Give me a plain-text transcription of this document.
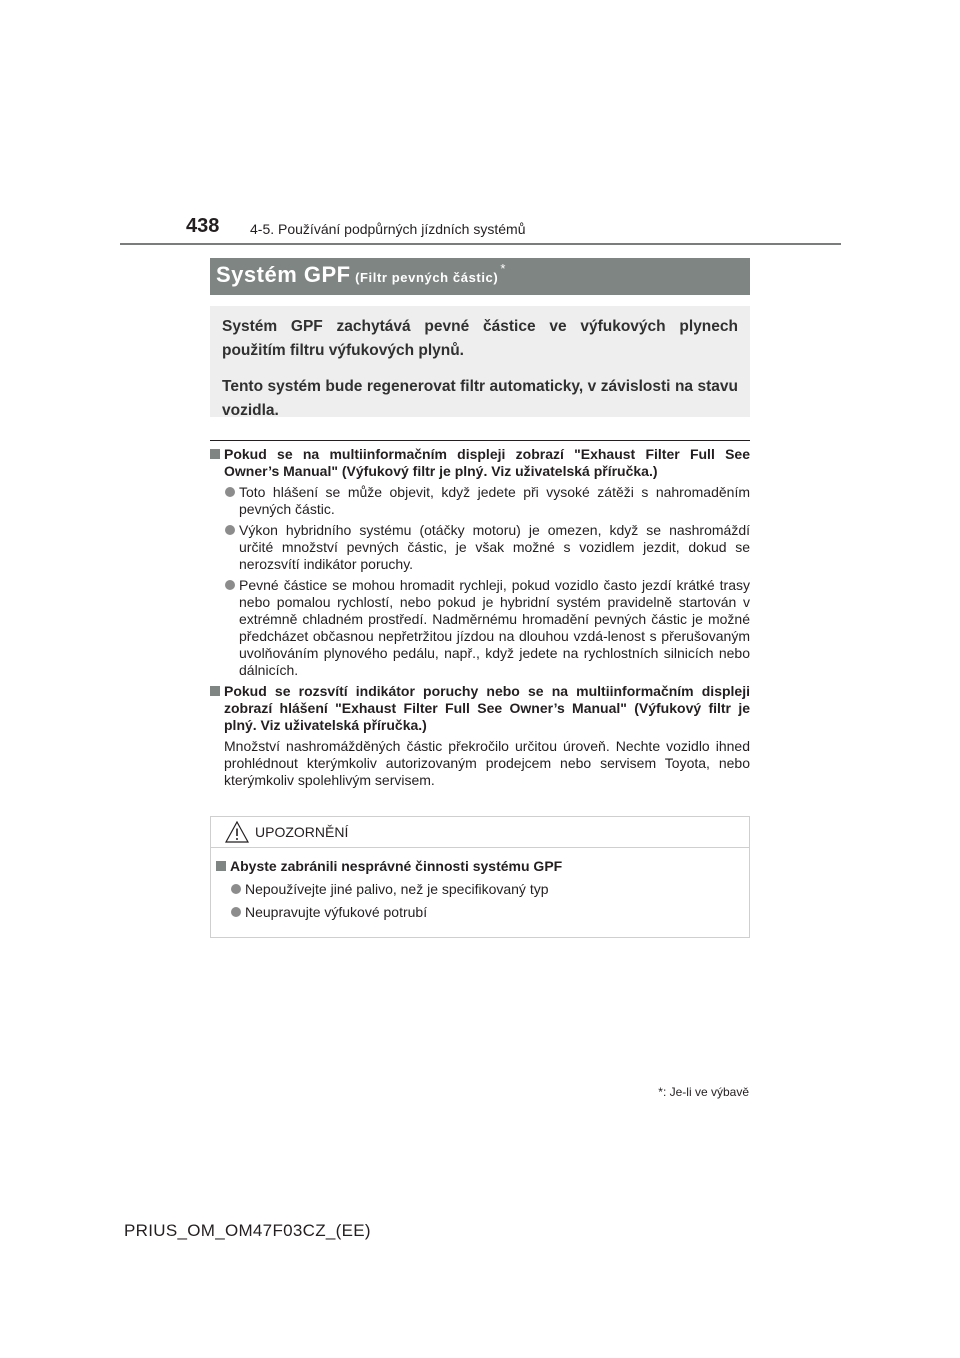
438 4-5. Používání podpůrných jízdních systémů
Systém GPF (Filtr pevných částic)*

Systém GPF zachytává pevné částice ve výfukových plynech použitím filtru výfukových plynů.

Tento systém bude regenerovat filtr automaticky, v závislosti na stavu vozidla.

Pokud se na multiinformačním displeji zobrazí "Exhaust Filter Full See Owner’s Manual" (Výfukový filtr je plný. Viz uživatelská příručka.)
Toto hlášení se může objevit, když jedete při vysoké zátěži s nahromaděním pevných částic.
Výkon hybridního systému (otáčky motoru) je omezen, když se nashromáždí určité množství pevných částic, je však možné s vozidlem jezdit, dokud se nerozsvítí indikátor poruchy.
Pevné částice se mohou hromadit rychleji, pokud vozidlo často jezdí krátké trasy nebo pomalou rychlostí, nebo pokud je hybridní systém pravidelně startován v extrémně chladném prostředí. Nadměrnému hromadění pevných částic je možné předcházet občasnou nepřetržitou jízdou na dlouhou vzdá-lenost s přerušovaným uvolňováním plynového pedálu, např., když jedete na rychlostních silnicích nebo dálnicích.
Pokud se rozsvítí indikátor poruchy nebo se na multiinformačním displeji zobrazí hlášení "Exhaust Filter Full See Owner’s Manual" (Výfukový filtr je plný. Viz uživatelská příručka.)

Množství nashromážděných částic překročilo určitou úroveň. Nechte vozidlo ihned prohlédnout kterýmkoliv autorizovaným prodejcem nebo servisem Toyota, nebo kterýmkoliv spolehlivým servisem.

UPOZORNĚNÍ
Abyste zabránili nesprávné činnosti systému GPF
Nepoužívejte jiné palivo, než je specifikovaný typ
Neupravujte výfukové potrubí
*: Je-li ve výbavě
PRIUS_OM_OM47F03CZ_(EE)
